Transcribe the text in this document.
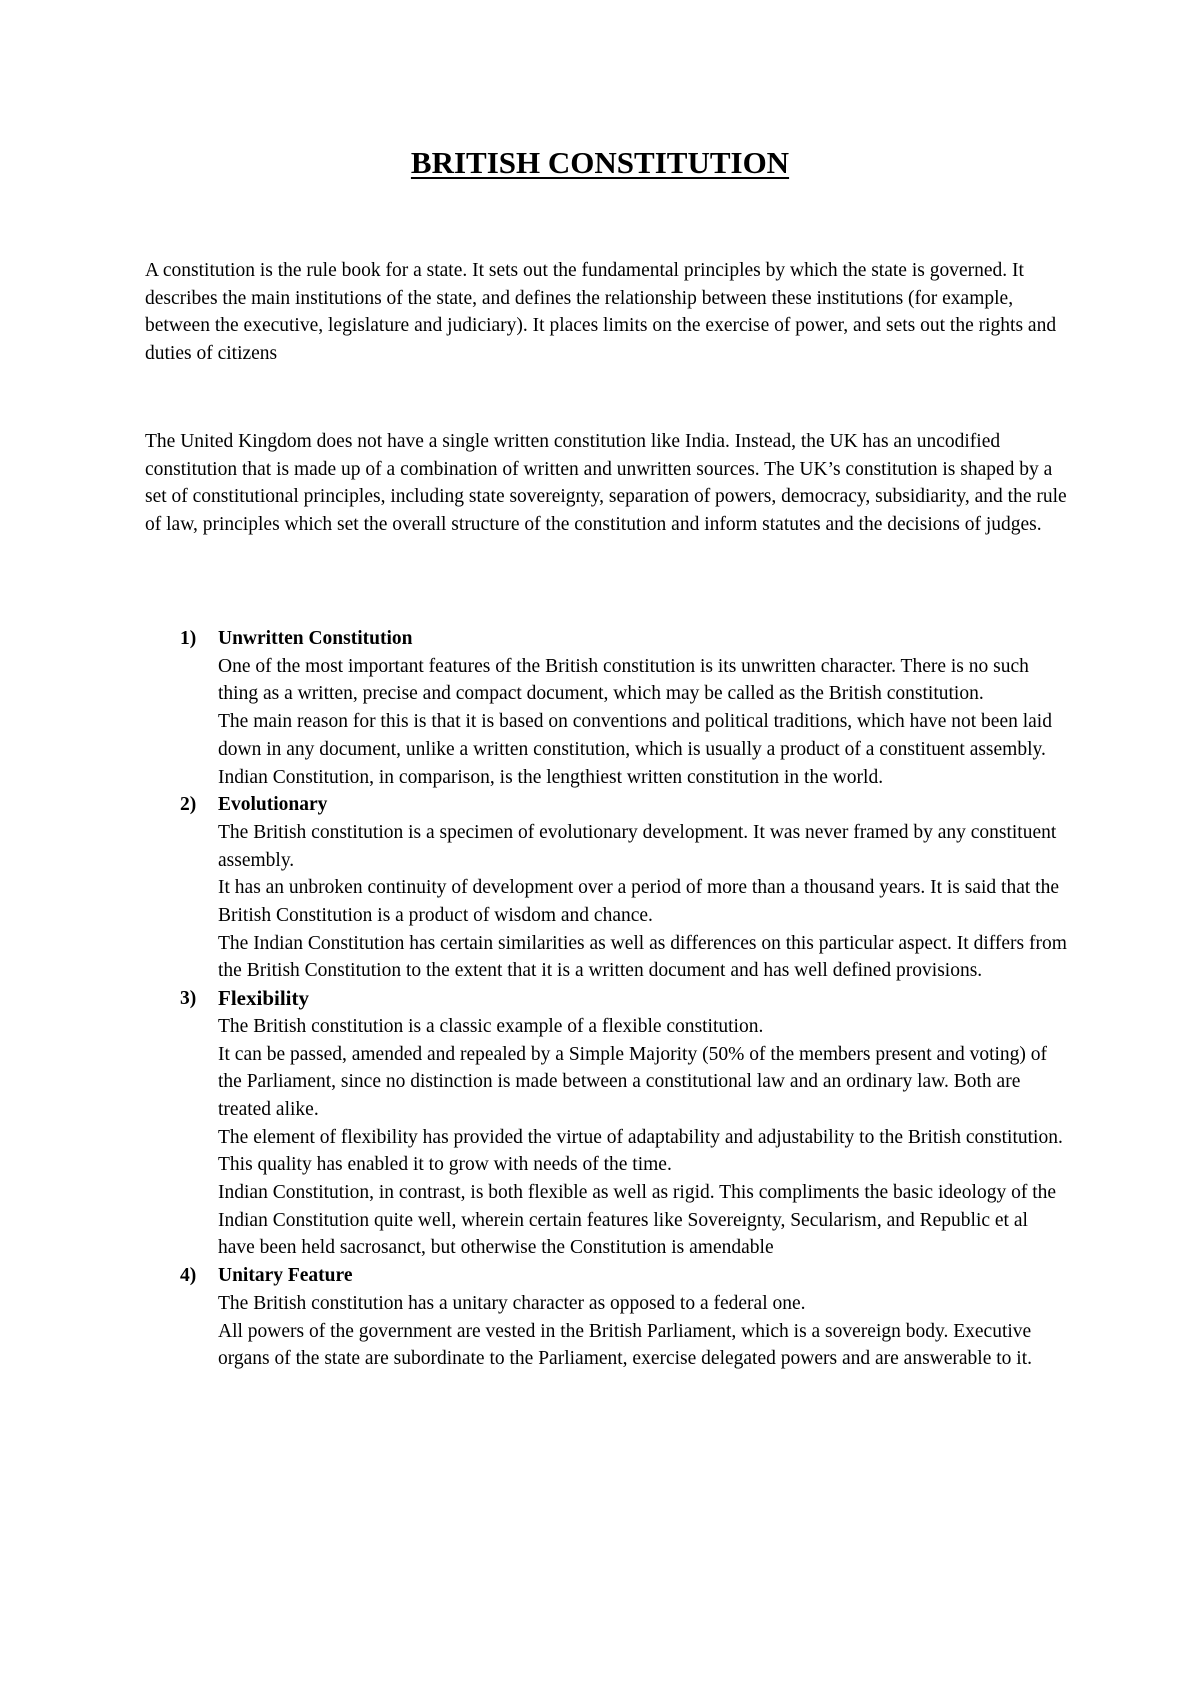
BRITISH CONSTITUTION

A constitution is the rule book for a state. It sets out the fundamental principles by which the state is governed. It describes the main institutions of the state, and defines the relationship between these institutions (for example, between the executive, legislature and judiciary). It places limits on the exercise of power, and sets out the rights and duties of citizens

The United Kingdom does not have a single written constitution like India. Instead, the UK has an uncodified constitution that is made up of a combination of written and unwritten sources. The UK’s constitution is shaped by a set of constitutional principles, including state sovereignty, separation of powers, democracy, subsidiarity, and the rule of law, principles which set the overall structure of the constitution and inform statutes and the decisions of judges.

1) Unwritten Constitution
One of the most important features of the British constitution is its unwritten character. There is no such thing as a written, precise and compact document, which may be called as the British constitution.
The main reason for this is that it is based on conventions and political traditions, which have not been laid down in any document, unlike a written constitution, which is usually a product of a constituent assembly.
Indian Constitution, in comparison, is the lengthiest written constitution in the world.
2) Evolutionary
The British constitution is a specimen of evolutionary development. It was never framed by any constituent assembly.
It has an unbroken continuity of development over a period of more than a thousand years. It is said that the British Constitution is a product of wisdom and chance.
The Indian Constitution has certain similarities as well as differences on this particular aspect. It differs from the British Constitution to the extent that it is a written document and has well defined provisions.
3) Flexibility
The British constitution is a classic example of a flexible constitution.
It can be passed, amended and repealed by a Simple Majority (50% of the members present and voting) of the Parliament, since no distinction is made between a constitutional law and an ordinary law. Both are treated alike.
The element of flexibility has provided the virtue of adaptability and adjustability to the British constitution. This quality has enabled it to grow with needs of the time.
Indian Constitution, in contrast, is both flexible as well as rigid. This compliments the basic ideology of the Indian Constitution quite well, wherein certain features like Sovereignty, Secularism, and Republic et al have been held sacrosanct, but otherwise the Constitution is amendable
4) Unitary Feature
The British constitution has a unitary character as opposed to a federal one.
All powers of the government are vested in the British Parliament, which is a sovereign body. Executive organs of the state are subordinate to the Parliament, exercise delegated powers and are answerable to it.
